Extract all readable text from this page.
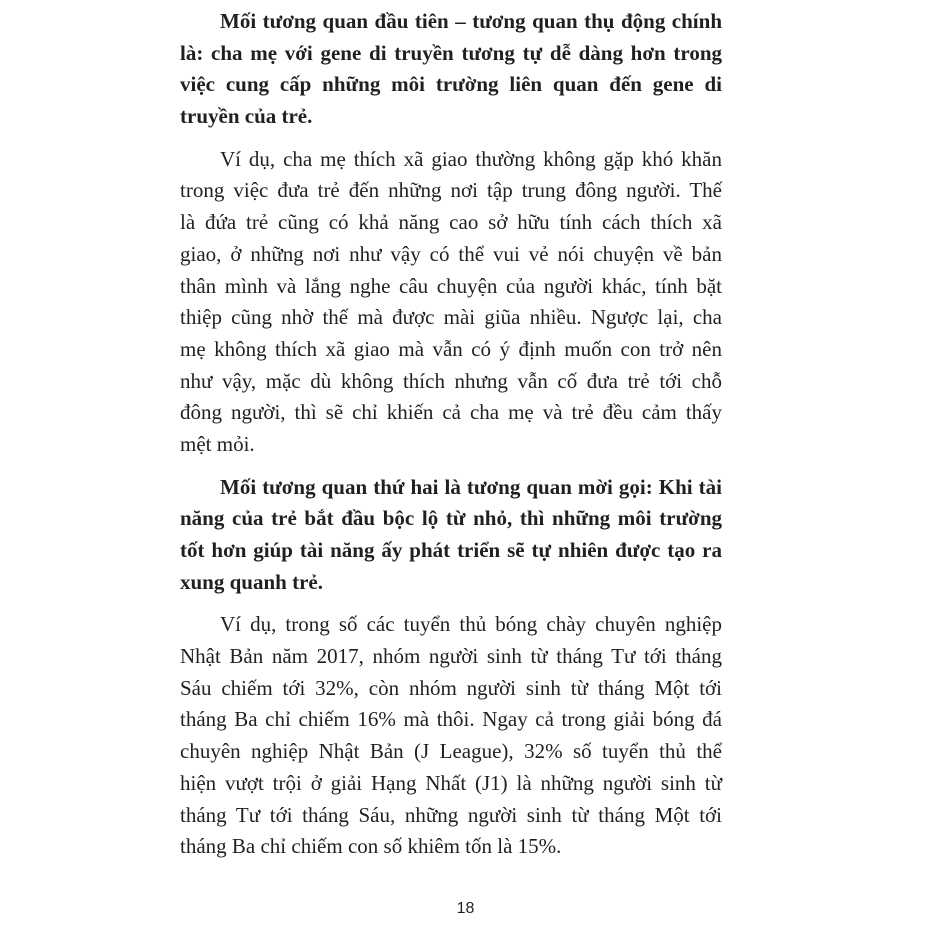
Mối tương quan đầu tiên – tương quan thụ động chính
là: cha mẹ với gene di truyền tương tự dễ dàng hơn trong
việc cung cấp những môi trường liên quan đến gene di
truyền của trẻ.

Ví dụ, cha mẹ thích xã giao thường không gặp khó khăn
trong việc đưa trẻ đến những nơi tập trung đông người. Thế
là đứa trẻ cũng có khả năng cao sở hữu tính cách thích xã
giao, ở những nơi như vậy có thể vui vẻ nói chuyện về bản
thân mình và lắng nghe câu chuyện của người khác, tính bặt
thiệp cũng nhờ thế mà được mài giũa nhiều. Ngược lại, cha
mẹ không thích xã giao mà vẫn có ý định muốn con trở nên
như vậy, mặc dù không thích nhưng vẫn cố đưa trẻ tới chỗ
đông người, thì sẽ chỉ khiến cả cha mẹ và trẻ đều cảm thấy
mệt mỏi.

Mối tương quan thứ hai là tương quan mời gọi: Khi tài
năng của trẻ bắt đầu bộc lộ từ nhỏ, thì những môi trường
tốt hơn giúp tài năng ấy phát triển sẽ tự nhiên được tạo ra
xung quanh trẻ.

Ví dụ, trong số các tuyển thủ bóng chày chuyên nghiệp
Nhật Bản năm 2017, nhóm người sinh từ tháng Tư tới tháng
Sáu chiếm tới 32%, còn nhóm người sinh từ tháng Một tới
tháng Ba chỉ chiếm 16% mà thôi. Ngay cả trong giải bóng đá
chuyên nghiệp Nhật Bản (J League), 32% số tuyển thủ thể
hiện vượt trội ở giải Hạng Nhất (J1) là những người sinh từ
tháng Tư tới tháng Sáu, những người sinh từ tháng Một tới
tháng Ba chỉ chiếm con số khiêm tốn là 15%.

18
